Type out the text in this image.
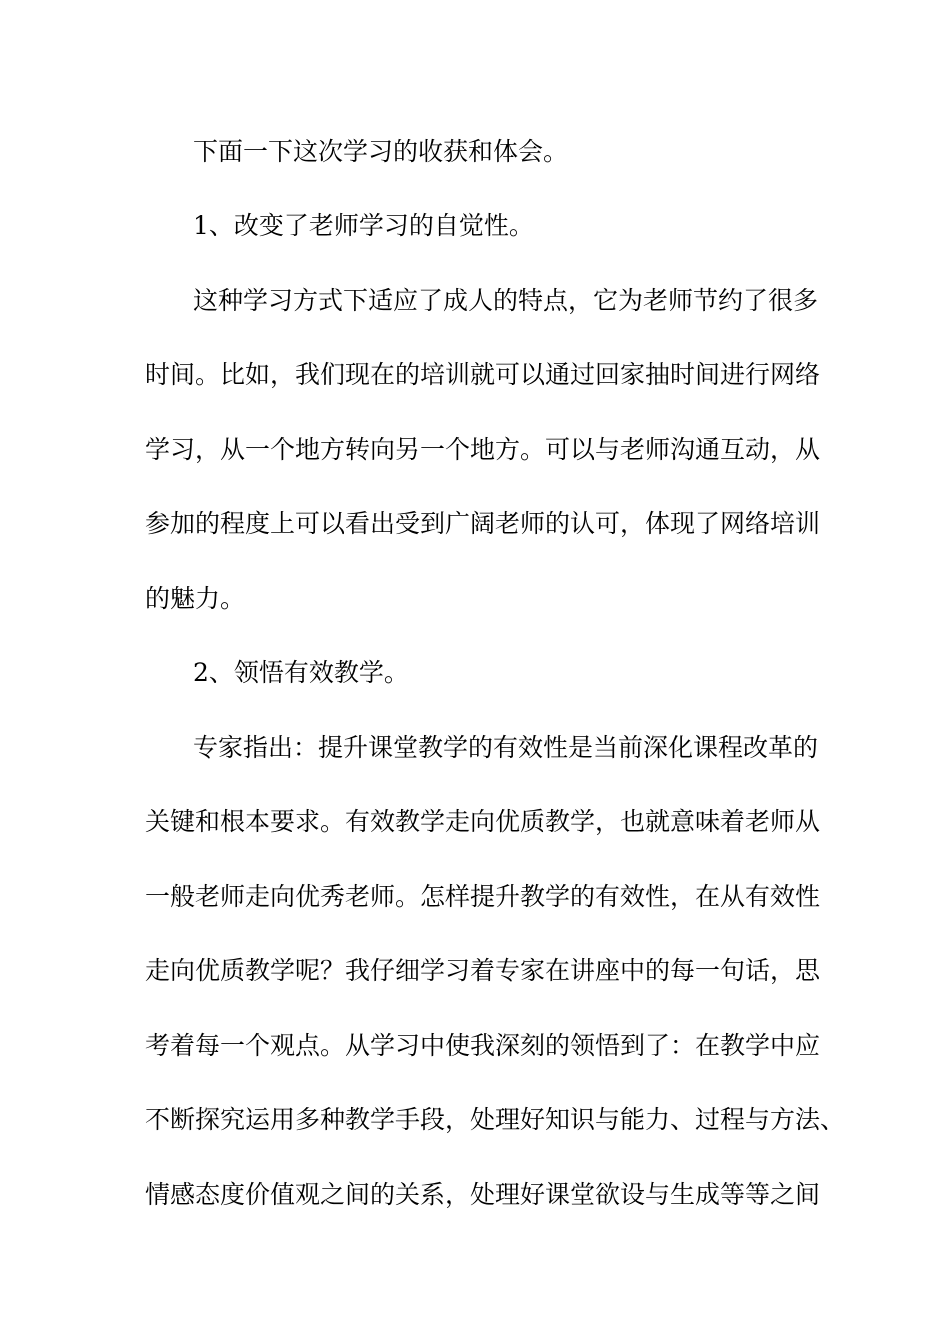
下面一下这次学习的收获和体会。
1、改变了老师学习的自觉性。
这种学习方式下适应了成人的特点，它为老师节约了很多
时间。比如，我们现在的培训就可以通过回家抽时间进行网络
学习，从一个地方转向另一个地方。可以与老师沟通互动，从
参加的程度上可以看出受到广阔老师的认可，体现了网络培训
的魅力。
2、领悟有效教学。
专家指出：提升课堂教学的有效性是当前深化课程改革的
关键和根本要求。有效教学走向优质教学，也就意味着老师从
一般老师走向优秀老师。怎样提升教学的有效性，在从有效性
走向优质教学呢？我仔细学习着专家在讲座中的每一句话，思
考着每一个观点。从学习中使我深刻的领悟到了：在教学中应
不断探究运用多种教学手段，处理好知识与能力、过程与方法、
情感态度价值观之间的关系，处理好课堂欲设与生成等等之间
